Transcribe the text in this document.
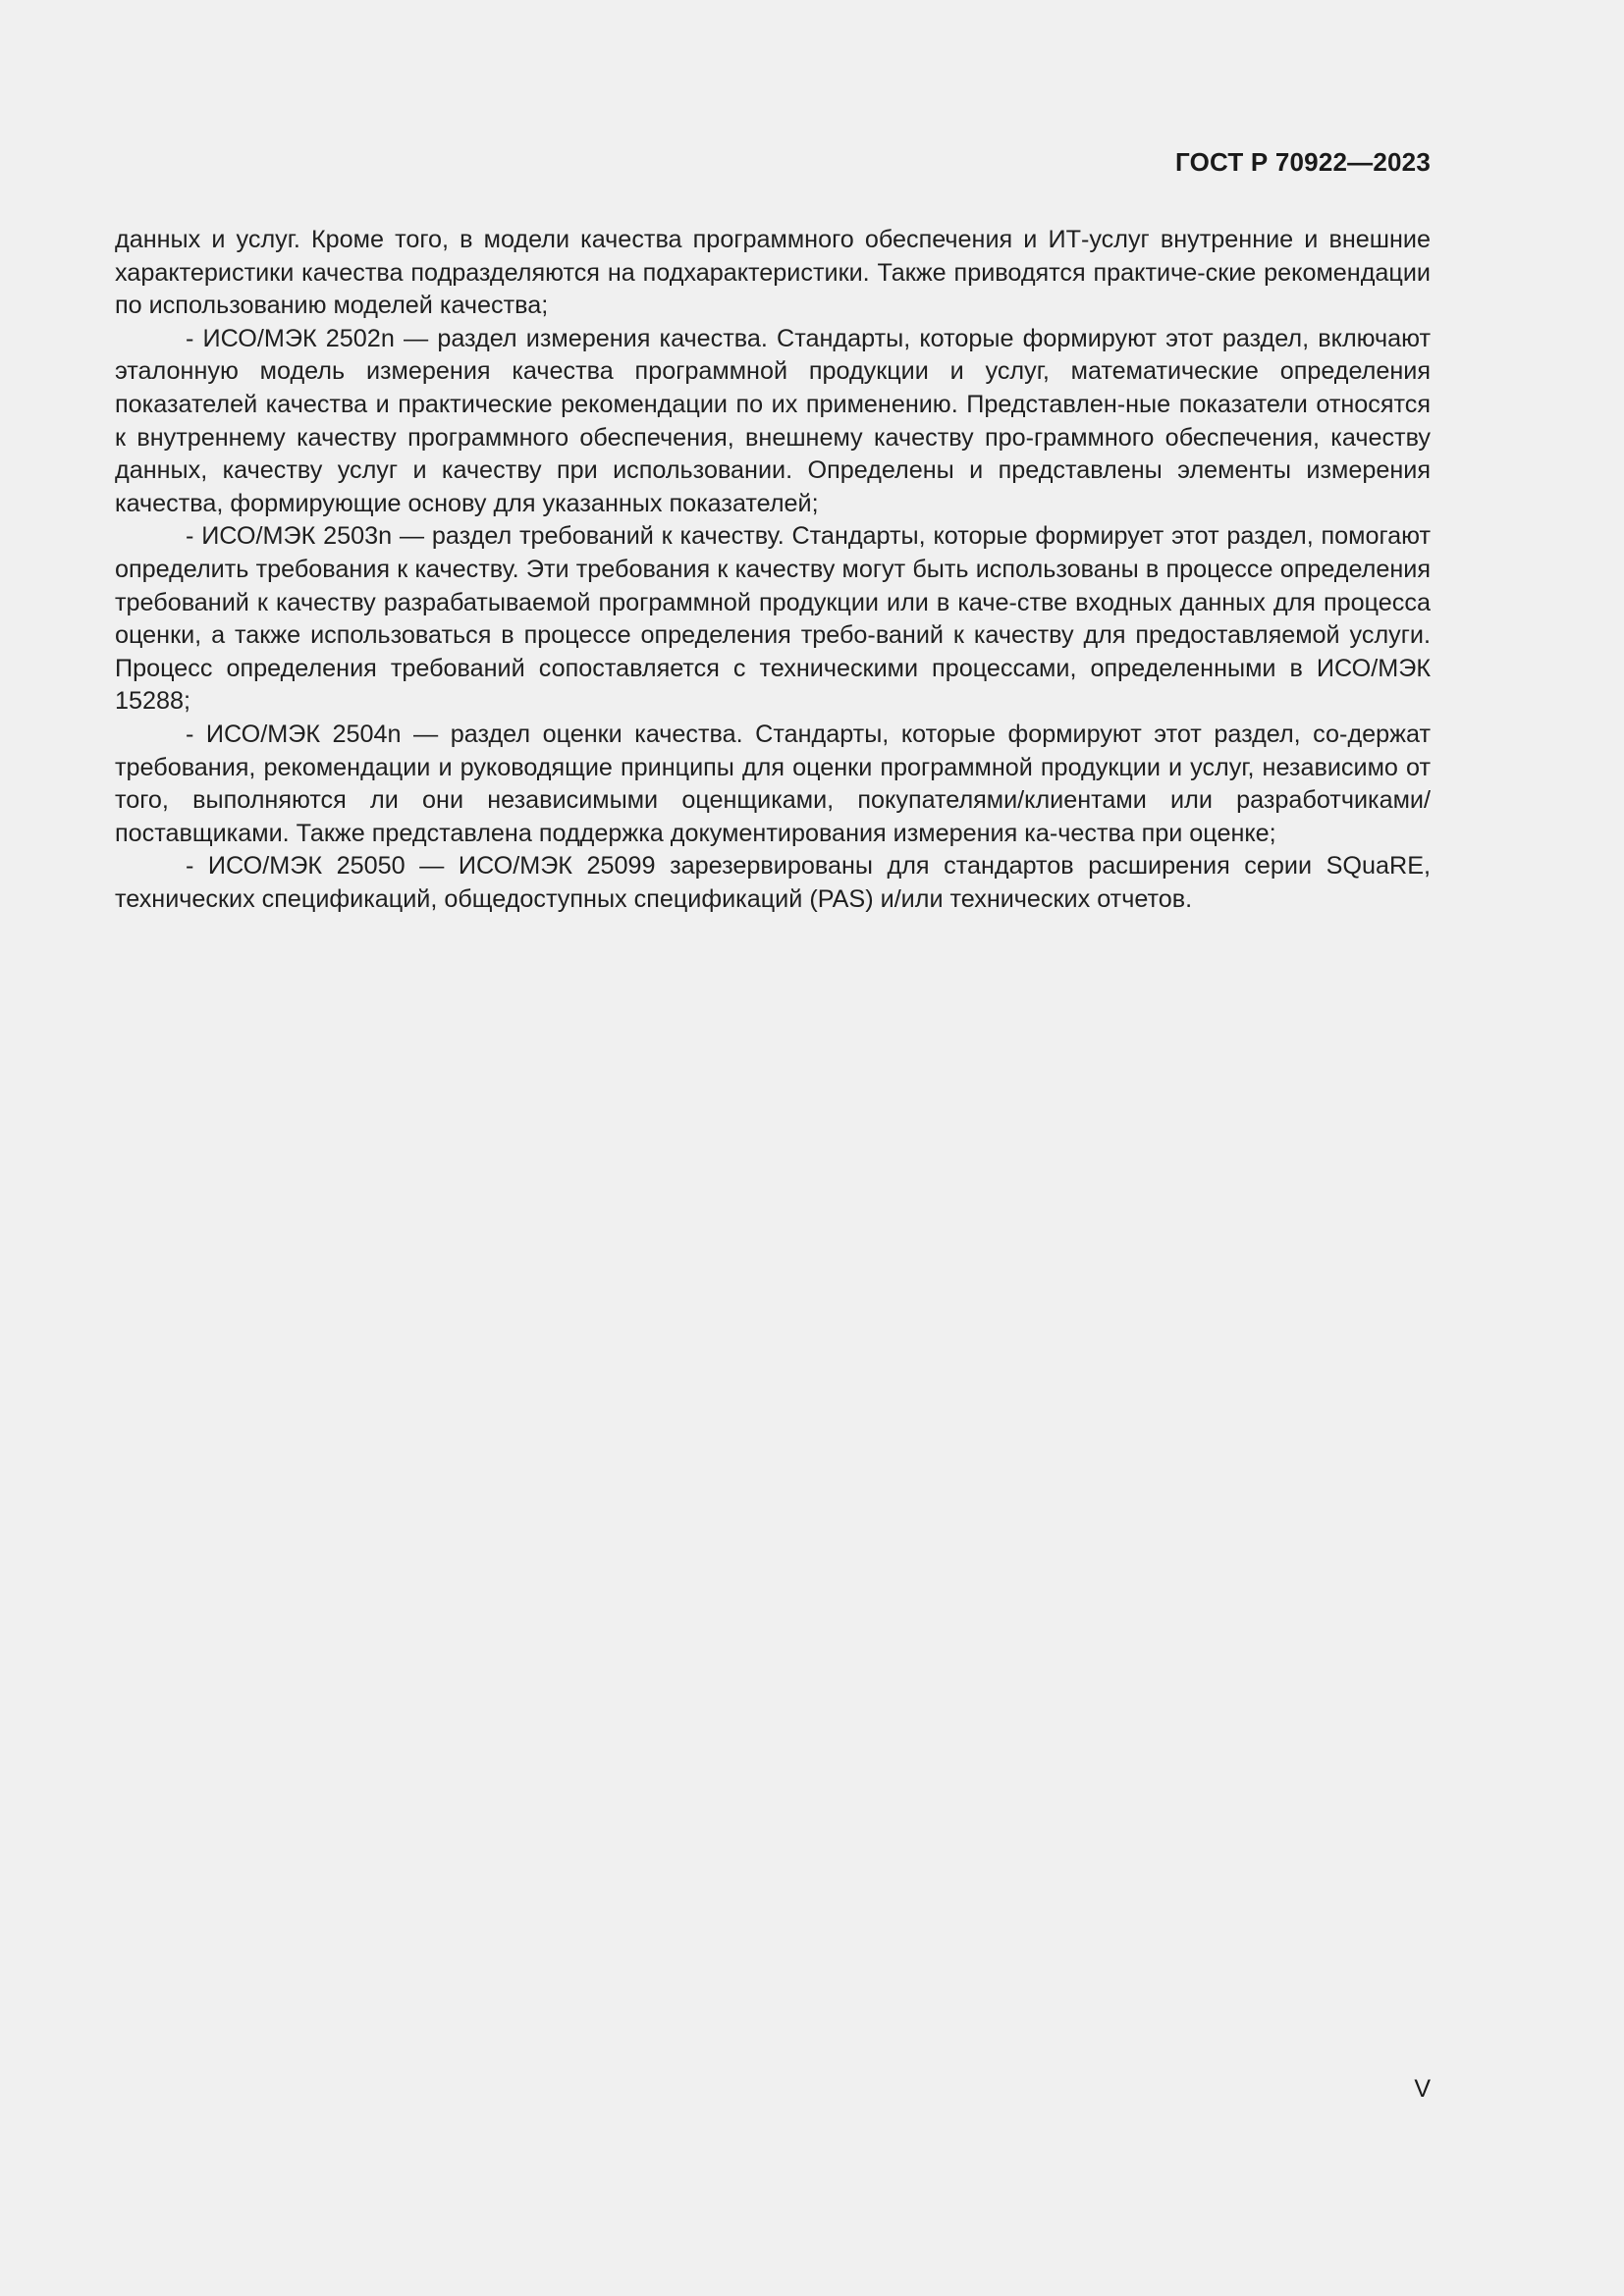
ГОСТ Р 70922—2023

данных и услуг. Кроме того, в модели качества программного обеспечения и ИТ-услуг внутренние и внешние характеристики качества подразделяются на подхарактеристики. Также приводятся практиче-ские рекомендации по использованию моделей качества;

- ИСО/МЭК 2502n — раздел измерения качества. Стандарты, которые формируют этот раздел, включают эталонную модель измерения качества программной продукции и услуг, математические определения показателей качества и практические рекомендации по их применению. Представлен-ные показатели относятся к внутреннему качеству программного обеспечения, внешнему качеству про-граммного обеспечения, качеству данных, качеству услуг и качеству при использовании. Определены и представлены элементы измерения качества, формирующие основу для указанных показателей;

- ИСО/МЭК 2503n — раздел требований к качеству. Стандарты, которые формирует этот раздел, помогают определить требования к качеству. Эти требования к качеству могут быть использованы в процессе определения требований к качеству разрабатываемой программной продукции или в каче-стве входных данных для процесса оценки, а также использоваться в процессе определения требо-ваний к качеству для предоставляемой услуги. Процесс определения требований сопоставляется с техническими процессами, определенными в ИСО/МЭК 15288;

- ИСО/МЭК 2504n — раздел оценки качества. Стандарты, которые формируют этот раздел, со-держат требования, рекомендации и руководящие принципы для оценки программной продукции и услуг, независимо от того, выполняются ли они независимыми оценщиками, покупателями/клиентами или разработчиками/поставщиками. Также представлена поддержка документирования измерения ка-чества при оценке;

- ИСО/МЭК 25050 — ИСО/МЭК 25099 зарезервированы для стандартов расширения серии SQuaRE, технических спецификаций, общедоступных спецификаций (PAS) и/или технических отчетов.

V
